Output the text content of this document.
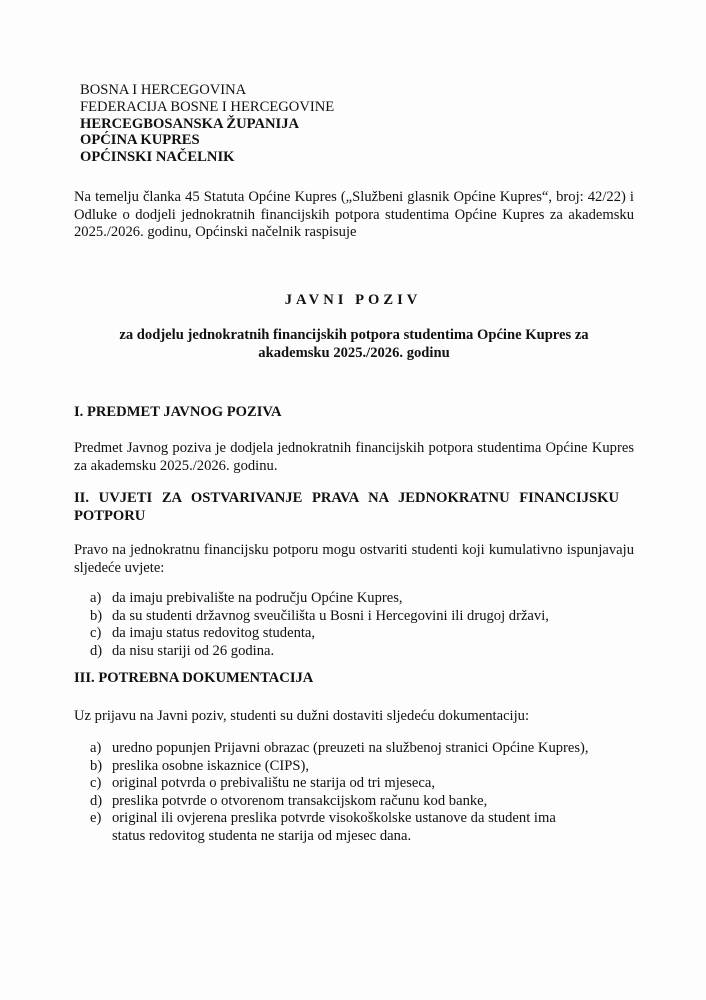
BOSNA I HERCEGOVINA
FEDERACIJA BOSNE I HERCEGOVINE
HERCEGBOSANSKA ŽUPANIJA
OPĆINA KUPRES
OPĆINSKI NAČELNIK
Na temelju članka 45 Statuta Općine Kupres („Službeni glasnik Općine Kupres“, broj: 42/22) i Odluke o dodjeli jednokratnih financijskih potpora studentima Općine Kupres za akademsku 2025./2026. godinu, Općinski načelnik raspisuje
JAVNI POZIV
za dodjelu jednokratnih financijskih potpora studentima Općine Kupres za akademsku 2025./2026. godinu
I. PREDMET JAVNOG POZIVA
Predmet Javnog poziva je dodjela jednokratnih financijskih potpora studentima Općine Kupres za akademsku 2025./2026. godinu.
II. UVJETI ZA OSTVARIVANJE PRAVA NA JEDNOKRATNU FINANCIJSKU POTPORU
Pravo na jednokratnu financijsku potporu mogu ostvariti studenti koji kumulativno ispunjavaju sljedeće uvjete:
a) da imaju prebivalište na području Općine Kupres,
b) da su studenti državnog sveučilišta u Bosni i Hercegovini ili drugoj državi,
c) da imaju status redovitog studenta,
d) da nisu stariji od 26 godina.
III. POTREBNA DOKUMENTACIJA
Uz prijavu na Javni poziv, studenti su dužni dostaviti sljedeću dokumentaciju:
a) uredno popunjen Prijavni obrazac (preuzeti na službenoj stranici Općine Kupres),
b) preslika osobne iskaznice (CIPS),
c) original potvrda o prebivalištu ne starija od tri mjeseca,
d) preslika potvrde o otvorenom transakcijskom računu kod banke,
e) original ili ovjerena preslika potvrde visokoškolske ustanove da student ima status redovitog studenta ne starija od mjesec dana.
